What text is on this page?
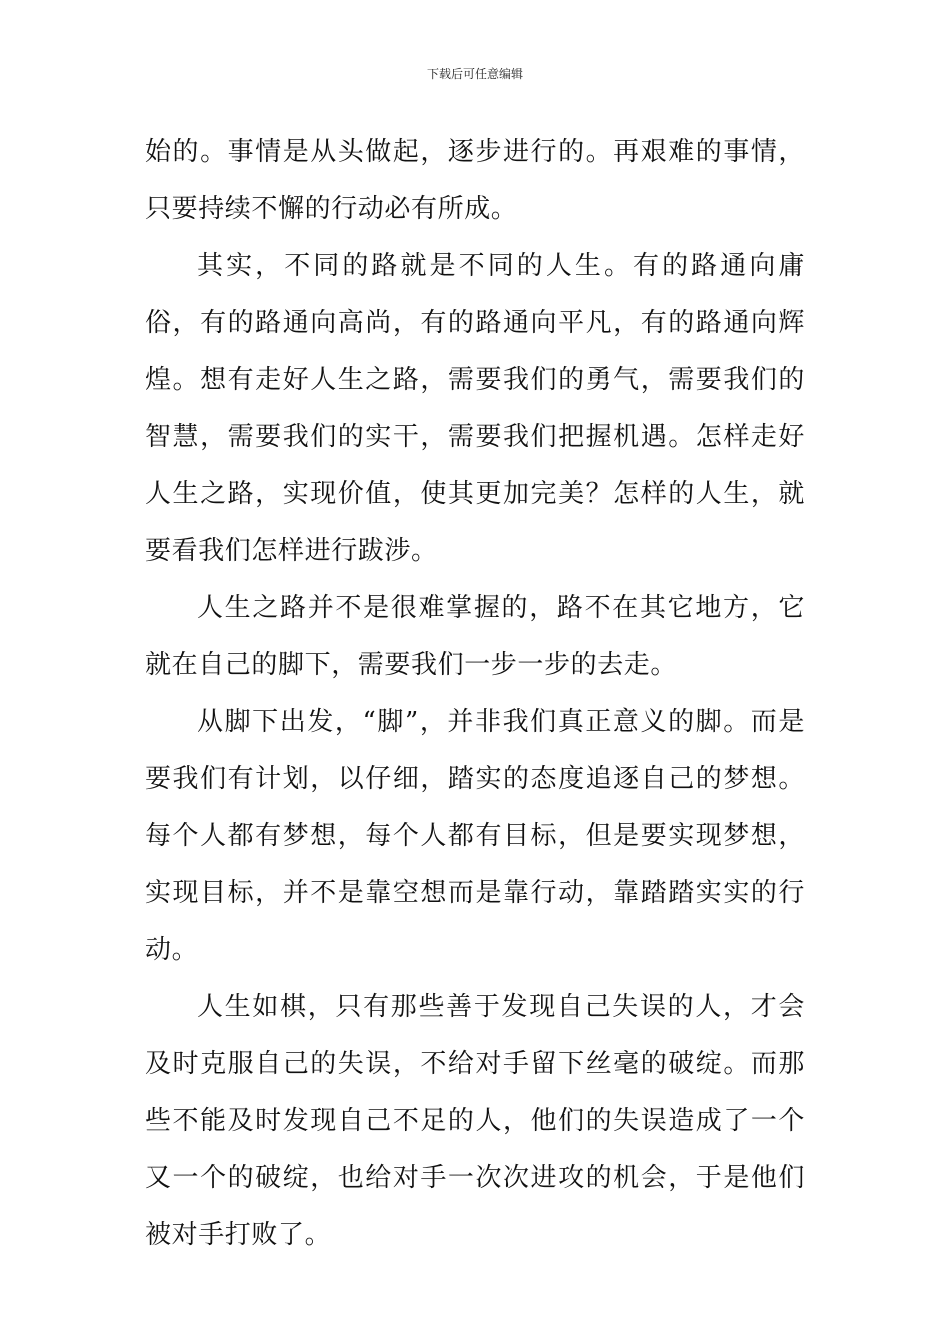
下载后可任意编辑

始的。事情是从头做起，逐步进行的。再艰难的事情，只要持续不懈的行动必有所成。

其实，不同的路就是不同的人生。有的路通向庸俗，有的路通向高尚，有的路通向平凡，有的路通向辉煌。想有走好人生之路，需要我们的勇气，需要我们的智慧，需要我们的实干，需要我们把握机遇。怎样走好人生之路，实现价值，使其更加完美？怎样的人生，就要看我们怎样进行跋涉。

人生之路并不是很难掌握的，路不在其它地方，它就在自己的脚下，需要我们一步一步的去走。

从脚下出发，“脚”，并非我们真正意义的脚。而是要我们有计划，以仔细，踏实的态度追逐自己的梦想。每个人都有梦想，每个人都有目标，但是要实现梦想，实现目标，并不是靠空想而是靠行动，靠踏踏实实的行动。

人生如棋，只有那些善于发现自己失误的人，才会及时克服自己的失误，不给对手留下丝毫的破绽。而那些不能及时发现自己不足的人，他们的失误造成了一个又一个的破绽，也给对手一次次进攻的机会，于是他们被对手打败了。
